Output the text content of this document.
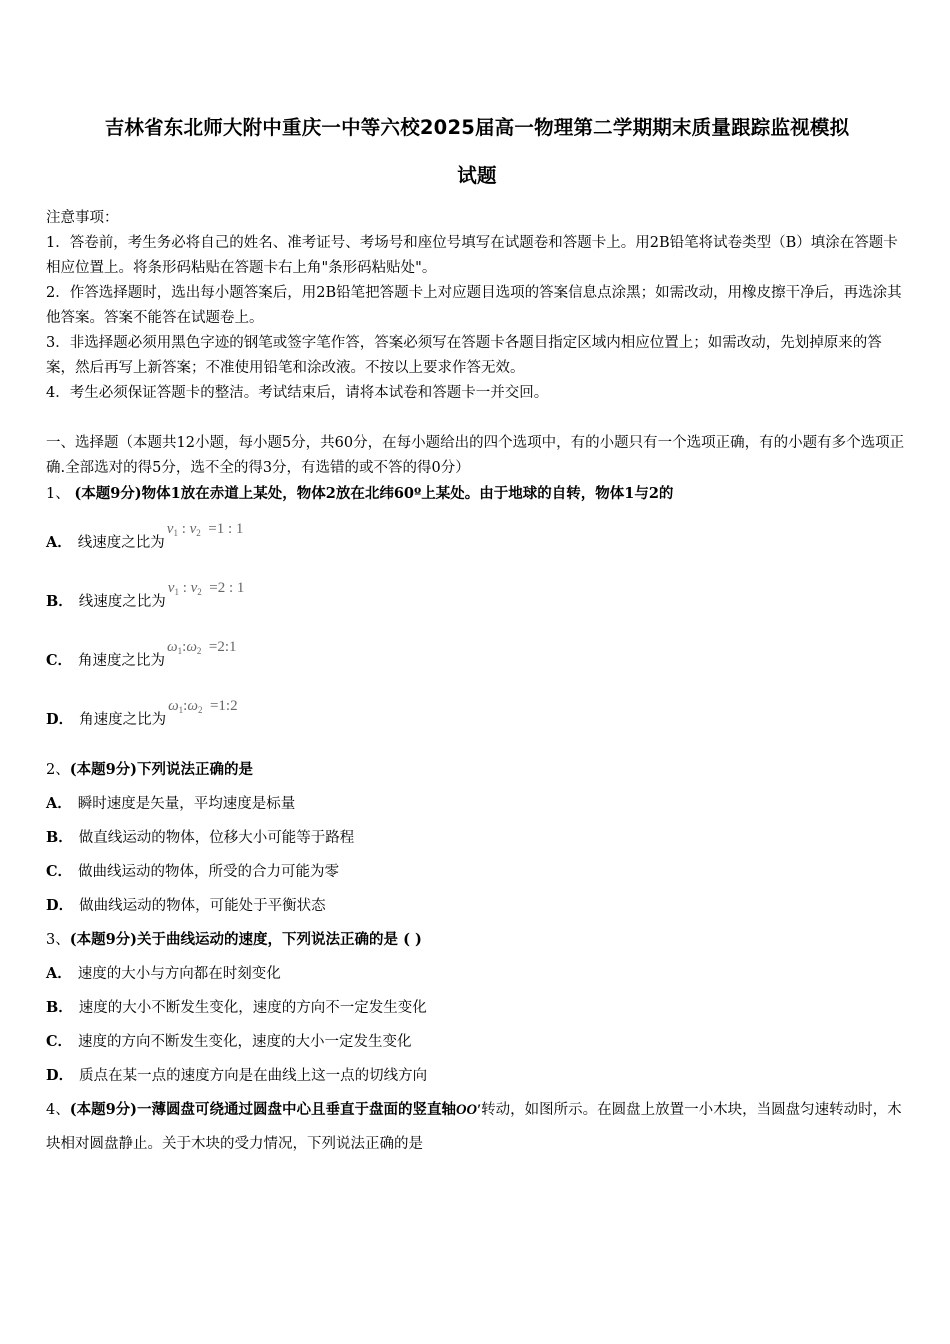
吉林省东北师大附中重庆一中等六校2025届高一物理第二学期期末质量跟踪监视模拟
试题
注意事项：
1．答卷前，考生务必将自己的姓名、准考证号、考场号和座位号填写在试题卷和答题卡上。用2B铅笔将试卷类型（B）填涂在答题卡相应位置上。将条形码粘贴在答题卡右上角"条形码粘贴处"。
2．作答选择题时，选出每小题答案后，用2B铅笔把答题卡上对应题目选项的答案信息点涂黑；如需改动，用橡皮擦干净后，再选涂其他答案。答案不能答在试题卷上。
3．非选择题必须用黑色字迹的钢笔或签字笔作答，答案必须写在答题卡各题目指定区域内相应位置上；如需改动，先划掉原来的答案，然后再写上新答案；不准使用铅笔和涂改液。不按以上要求作答无效。
4．考生必须保证答题卡的整洁。考试结束后，请将本试卷和答题卡一并交回。
一、选择题（本题共12小题，每小题5分，共60分，在每小题给出的四个选项中，有的小题只有一个选项正确，有的小题有多个选项正确.全部选对的得5分，选不全的得3分，有选错的或不答的得0分）
1、 (本题9分)物体1放在赤道上某处，物体2放在北纬60º上某处。由于地球的自转，物体1与2的
A． 线速度之比为$v_1$ : $v_2 =1$ : 1
B． 线速度之比为$v_1$ : $v_2 =2$ : 1
C． 角速度之比为$\omega_1:\omega_2$ =2:1
D． 角速度之比为$\omega_1:\omega_2$ =1:2
2、(本题9分)下列说法正确的是
A． 瞬时速度是矢量，平均速度是标量
B． 做直线运动的物体，位移大小可能等于路程
C． 做曲线运动的物体，所受的合力可能为零
D． 做曲线运动的物体，可能处于平衡状态
3、(本题9分)关于曲线运动的速度，下列说法正确的是 ( )
A． 速度的大小与方向都在时刻变化
B． 速度的大小不断发生变化，速度的方向不一定发生变化
C． 速度的方向不断发生变化，速度的大小一定发生变化
D． 质点在某一点的速度方向是在曲线上这一点的切线方向
4、(本题9分)一薄圆盘可绕通过圆盘中心且垂直于盘面的竖直轴OO′转动，如图所示。在圆盘上放置一小木块，当圆盘匀速转动时，木块相对圆盘静止。关于木块的受力情况，下列说法正确的是
